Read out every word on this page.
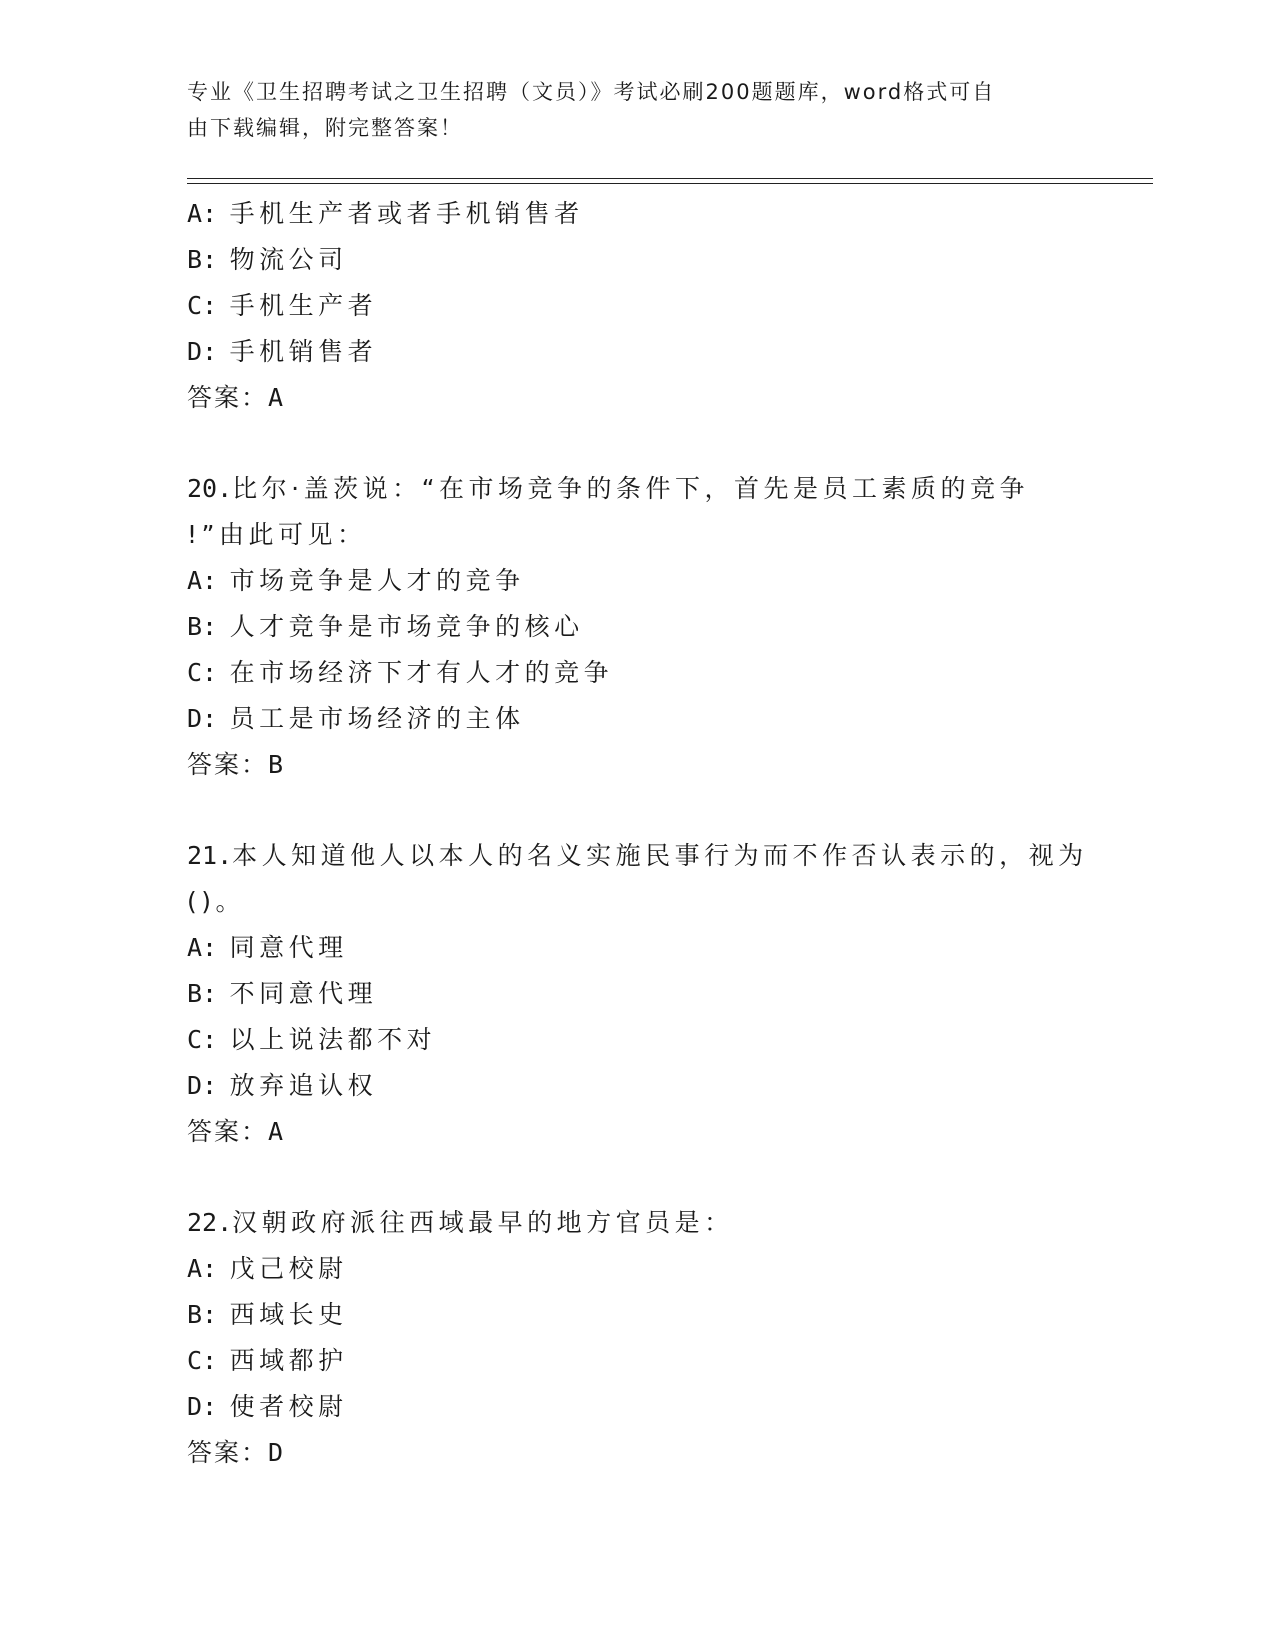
专业《卫生招聘考试之卫生招聘（文员）》考试必刷200题题库，word格式可自
由下载编辑，附完整答案！
A: 手机生产者或者手机销售者
B: 物流公司
C: 手机生产者
D: 手机销售者
答案：A
20.比尔·盖茨说：“在市场竞争的条件下，首先是员工素质的竞争
!”由此可见：
A: 市场竞争是人才的竞争
B: 人才竞争是市场竞争的核心
C: 在市场经济下才有人才的竞争
D: 员工是市场经济的主体
答案：B
21.本人知道他人以本人的名义实施民事行为而不作否认表示的，视为
()。
A: 同意代理
B: 不同意代理
C: 以上说法都不对
D: 放弃追认权
答案：A
22.汉朝政府派往西域最早的地方官员是：
A: 戊己校尉
B: 西域长史
C: 西域都护
D: 使者校尉
答案：D
